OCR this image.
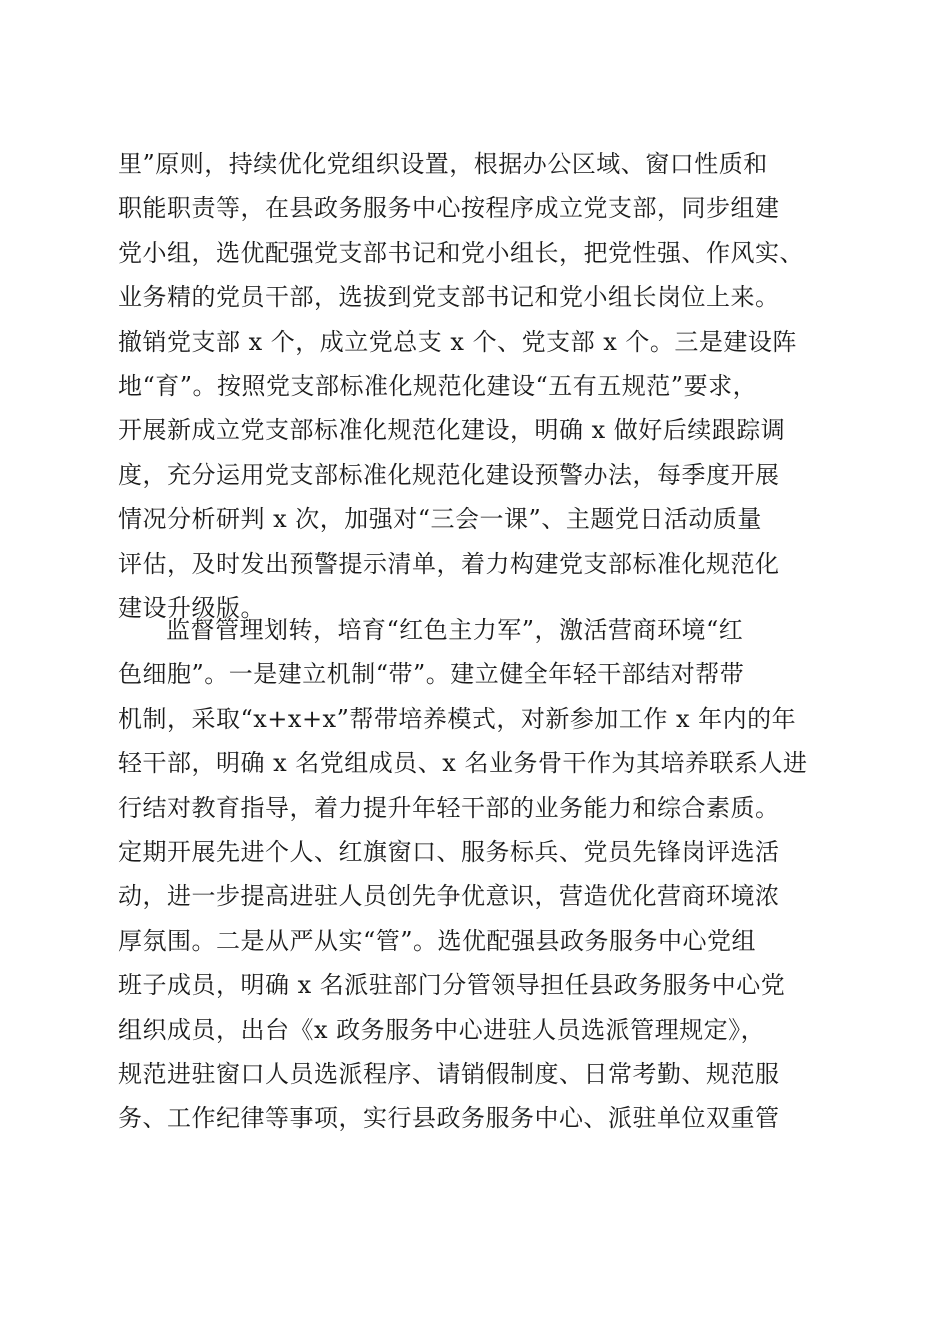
里”原则，持续优化党组织设置，根据办公区域、窗口性质和
职能职责等，在县政务服务中心按程序成立党支部，同步组建
党小组，选优配强党支部书记和党小组长，把党性强、作风实、
业务精的党员干部，选拔到党支部书记和党小组长岗位上来。
撤销党支部 x 个，成立党总支 x 个、党支部 x 个。三是建设阵
地“育”。按照党支部标准化规范化建设“五有五规范”要求，
开展新成立党支部标准化规范化建设，明确 x 做好后续跟踪调
度，充分运用党支部标准化规范化建设预警办法，每季度开展
情况分析研判 x 次，加强对“三会一课”、主题党日活动质量
评估，及时发出预警提示清单，着力构建党支部标准化规范化
建设升级版。
监督管理划转，培育“红色主力军”，激活营商环境“红
色细胞”。一是建立机制“带”。建立健全年轻干部结对帮带
机制，采取“x+x+x”帮带培养模式，对新参加工作 x 年内的年
轻干部，明确 x 名党组成员、x 名业务骨干作为其培养联系人进
行结对教育指导，着力提升年轻干部的业务能力和综合素质。
定期开展先进个人、红旗窗口、服务标兵、党员先锋岗评选活
动，进一步提高进驻人员创先争优意识，营造优化营商环境浓
厚氛围。二是从严从实“管”。选优配强县政务服务中心党组
班子成员，明确 x 名派驻部门分管领导担任县政务服务中心党
组织成员，出台《x 政务服务中心进驻人员选派管理规定》，
规范进驻窗口人员选派程序、请销假制度、日常考勤、规范服
务、工作纪律等事项，实行县政务服务中心、派驻单位双重管
